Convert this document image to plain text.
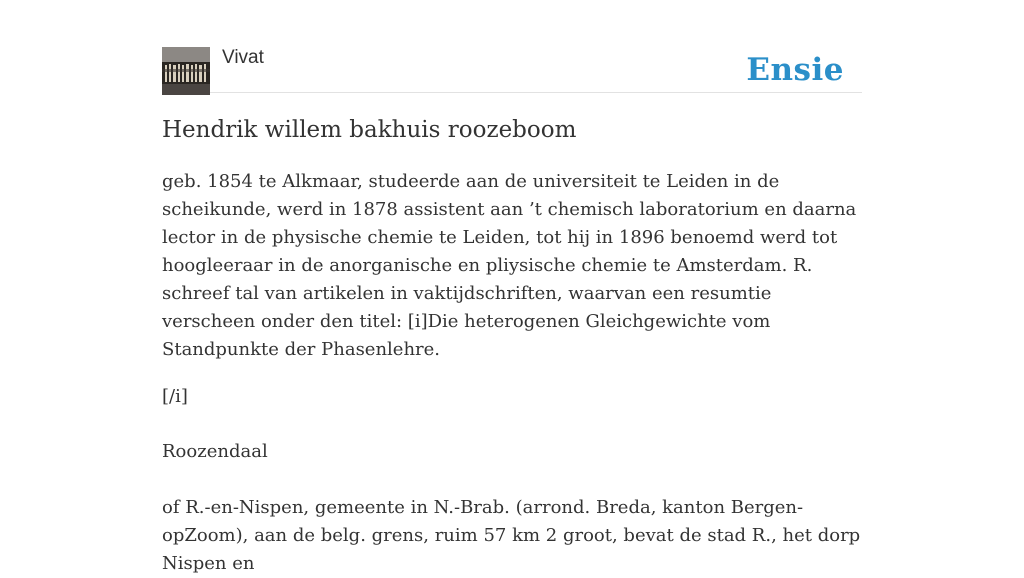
Vivat	Ensie
Hendrik willem bakhuis roozeboom

geb. 1854 te Alkmaar, studeerde aan de universiteit te Leiden in de scheikunde, werd in 1878 assistent aan ’t chemisch laboratorium en daarna lector in de physische chemie te Leiden, tot hij in 1896 benoemd werd tot hoogleeraar in de anorganische en pliysische chemie te Amsterdam. R. schreef tal van artikelen in vaktijdschriften, waarvan een resumtie verscheen onder den titel: [i]Die heterogenen Gleichgewichte vom Standpunkte der Phasenlehre.

[/i]

Roozendaal

of R.-en-Nispen, gemeente in N.-Brab. (arrond. Breda, kanton Bergen-opZoom), aan de belg. grens, ruim 57 km 2 groot, bevat de stad R., het dorp Nispen en
